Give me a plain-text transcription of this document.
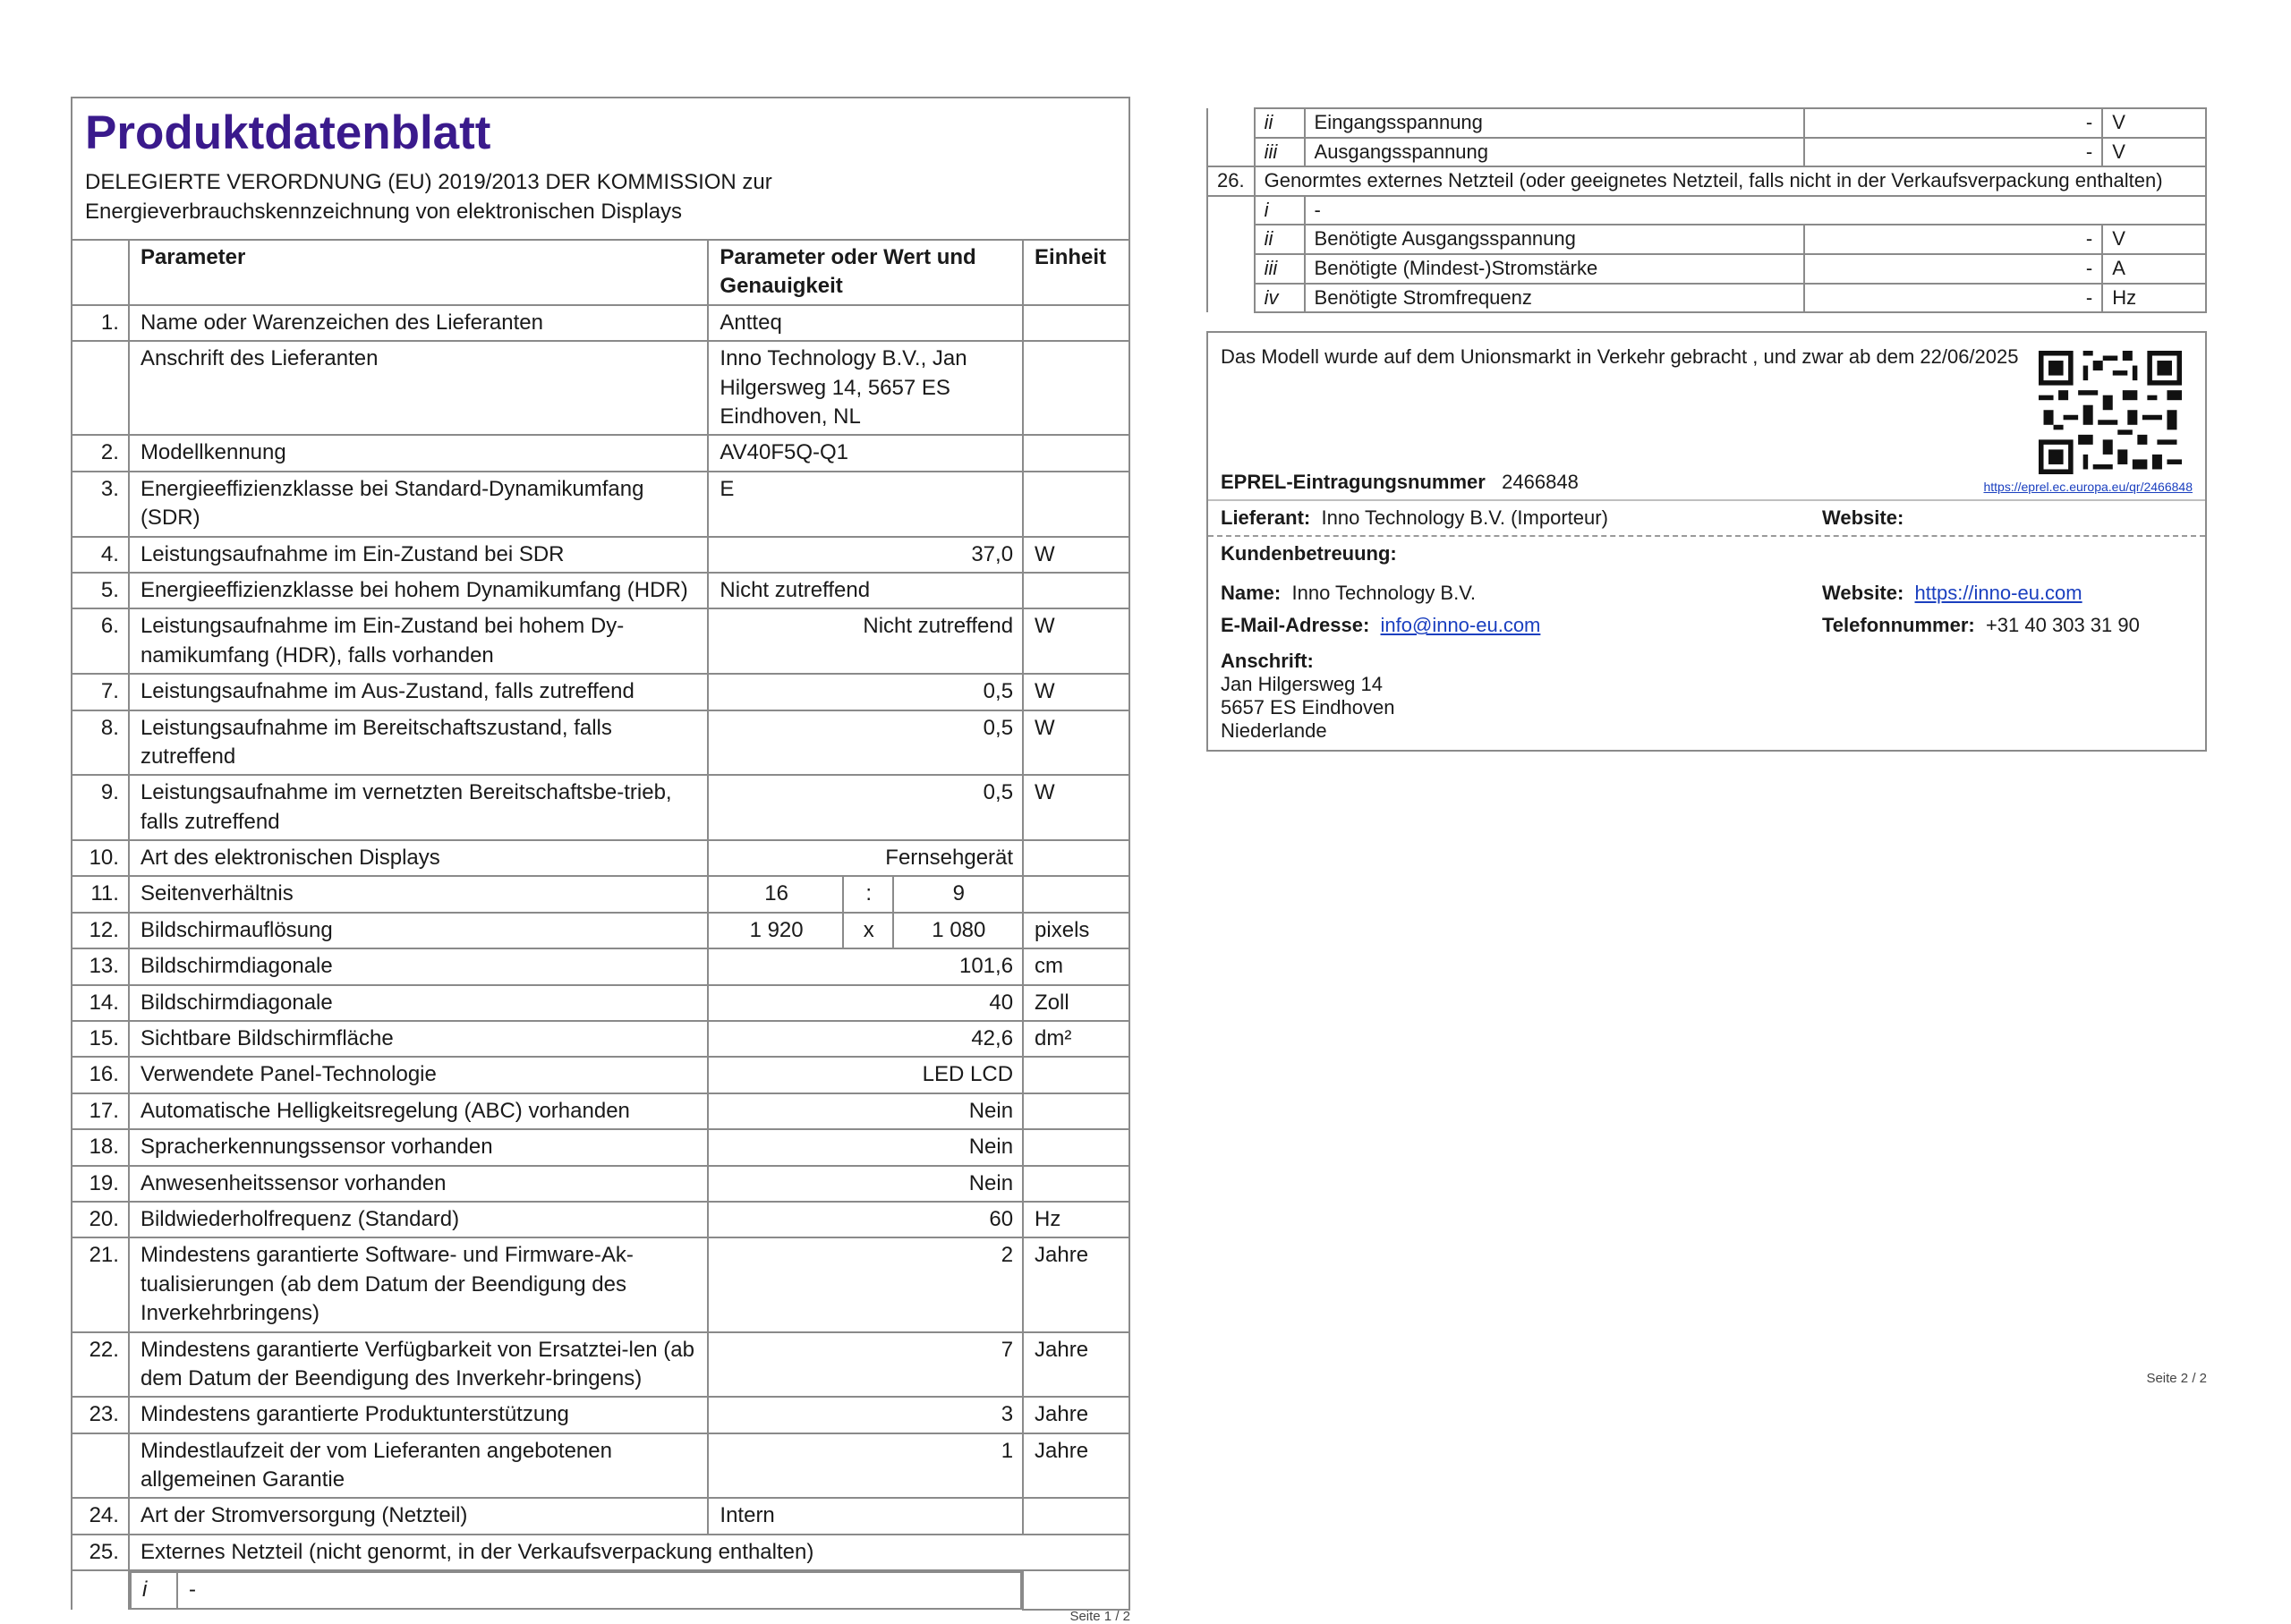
Produktdatenblatt
DELEGIERTE VERORDNUNG (EU) 2019/2013 DER KOMMISSION zur
Energieverbrauchskennzeichnung von elektronischen Displays
	Parameter	Parameter oder Wert und Genauigkeit	Einheit
1.	Name oder Warenzeichen des Lieferanten	Antteq	
	Anschrift des Lieferanten	Inno Technology B.V., Jan Hilgersweg 14, 5657 ES Eindhoven, NL	
2.	Modellkennung	AV40F5Q-Q1	
3.	Energieeffizienzklasse bei Standard-Dynamikumfang (SDR)	E	
4.	Leistungsaufnahme im Ein-Zustand bei SDR	37,0	W
5.	Energieeffizienzklasse bei hohem Dynamikumfang (HDR)	Nicht zutreffend	
6.	Leistungsaufnahme im Ein-Zustand bei hohem Dy-namikumfang (HDR), falls vorhanden	Nicht zutreffend	W
7.	Leistungsaufnahme im Aus-Zustand, falls zutreffend	0,5	W
8.	Leistungsaufnahme im Bereitschaftszustand, falls zutreffend	0,5	W
9.	Leistungsaufnahme im vernetzten Bereitschaftsbe-trieb, falls zutreffend	0,5	W
10.	Art des elektronischen Displays	Fernsehgerät	
11.	Seitenverhältnis	16	:	9	
12.	Bildschirmauflösung	1 920	x	1 080	pixels
13.	Bildschirmdiagonale	101,6	cm
14.	Bildschirmdiagonale	40	Zoll
15.	Sichtbare Bildschirmfläche	42,6	dm²
16.	Verwendete Panel-Technologie	LED LCD	
17.	Automatische Helligkeitsregelung (ABC) vorhanden	Nein	
18.	Spracherkennungssensor vorhanden	Nein	
19.	Anwesenheitssensor vorhanden	Nein	
20.	Bildwiederholfrequenz (Standard)	60	Hz
21.	Mindestens garantierte Software- und Firmware-Ak-tualisierungen (ab dem Datum der Beendigung des Inverkehrbringens)	2	Jahre
22.	Mindestens garantierte Verfügbarkeit von Ersatztei-len (ab dem Datum der Beendigung des Inverkehr-bringens)	7	Jahre
23.	Mindestens garantierte Produktunterstützung	3	Jahre
	Mindestlaufzeit der vom Lieferanten angebotenen allgemeinen Garantie	1	Jahre
24.	Art der Stromversorgung (Netzteil)	Intern	
25.	Externes Netzteil (nicht genormt, in der Verkaufsverpackung enthalten)

i	-

Seite 1 / 2
	ii	Eingangsspannung	-	V
	iii	Ausgangsspannung	-	V
26.	Genormtes externes Netzteil (oder geeignetes Netzteil, falls nicht in der Verkaufsverpackung enthalten)			
	i	-		
	ii	Benötigte Ausgangsspannung	-	V
	iii	Benötigte (Mindest-)Stromstärke	-	A
	iv	Benötigte Stromfrequenz	-	Hz
Das Modell wurde auf dem Unionsmarkt in Verkehr gebracht , und zwar ab dem 22/06/2025
EPREL-Eintragungsnummer 2466848	https://eprel.ec.europa.eu/qr/2466848
Lieferant: Inno Technology B.V. (Importeur)	Website:
Kundenbetreuung:
Name: Inno Technology B.V.	Website: https://inno-eu.com
E-Mail-Adresse: info@inno-eu.com	Telefonnummer: +31 40 303 31 90
Anschrift:
Jan Hilgersweg 14
5657 ES Eindhoven
Niederlande
Seite 2 / 2
